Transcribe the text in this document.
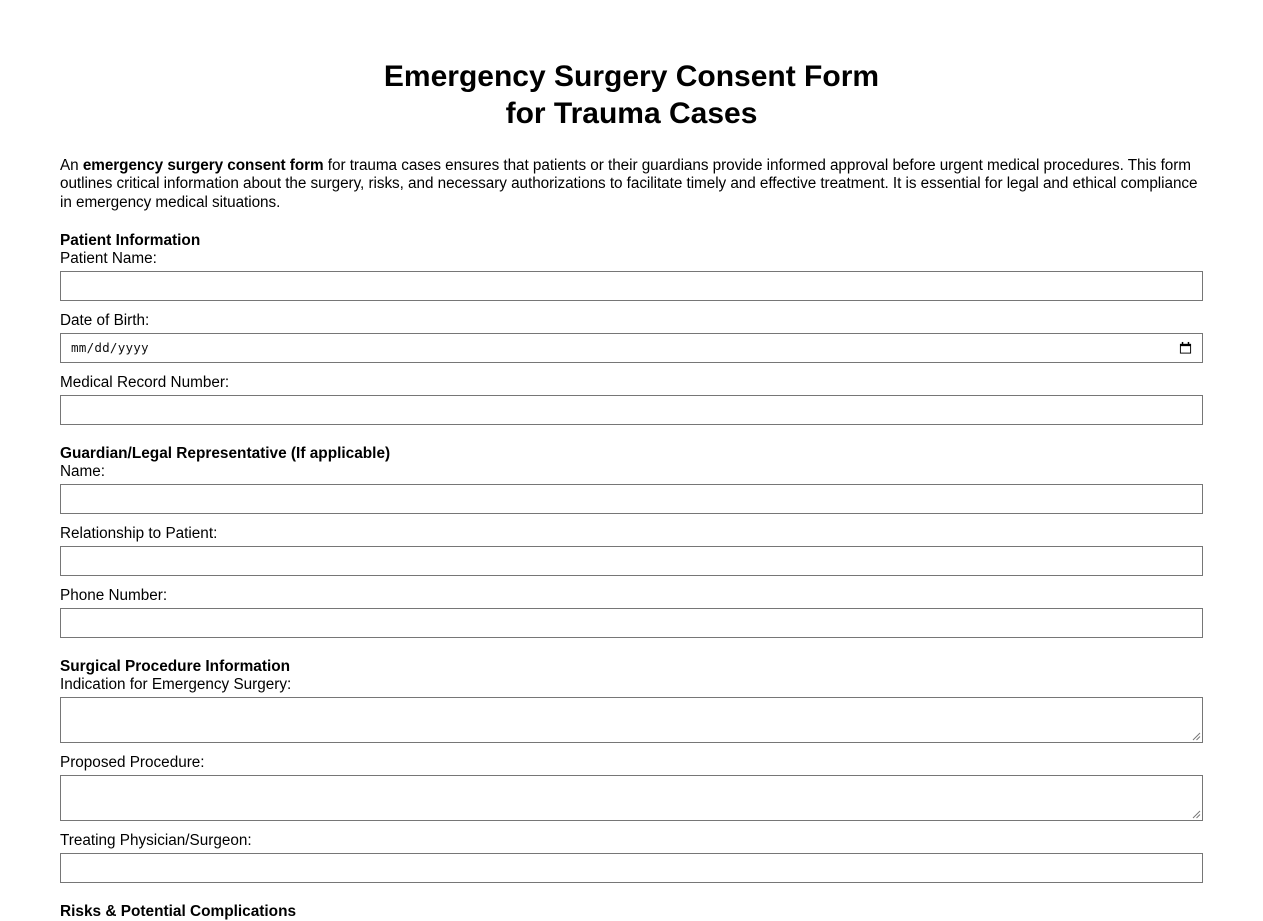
Emergency Surgery Consent Form
for Trauma Cases

An emergency surgery consent form for trauma cases ensures that patients or their guardians provide informed approval before urgent medical procedures. This form outlines critical information about the surgery, risks, and necessary authorizations to facilitate timely and effective treatment. It is essential for legal and ethical compliance in emergency medical situations.

Patient Information
Patient Name:
Date of Birth:
mm/dd/yyyy
Medical Record Number:
Guardian/Legal Representative (If applicable)
Name:
Relationship to Patient:
Phone Number:
Surgical Procedure Information
Indication for Emergency Surgery:
Proposed Procedure:
Treating Physician/Surgeon:
Risks & Potential Complications
